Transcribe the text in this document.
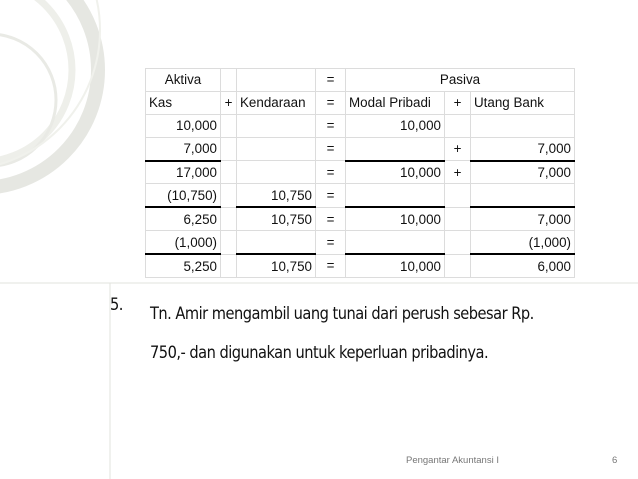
Aktiva			=	Pasiva		
Kas	+	Kendaraan	=	Modal Pribadi	+	Utang Bank
10,000			=	10,000		
7,000			=		+	7,000
17,000			=	10,000	+	7,000
(10,750)		10,750	=			
6,250		10,750	=	10,000		7,000
(1,000)			=			(1,000)
5,250		10,750	=	10,000		6,000
5. Tn. Amir mengambil uang tunai dari perush sebesar Rp. 750,- dan digunakan untuk keperluan pribadinya.
Pengantar Akuntansi I	6
